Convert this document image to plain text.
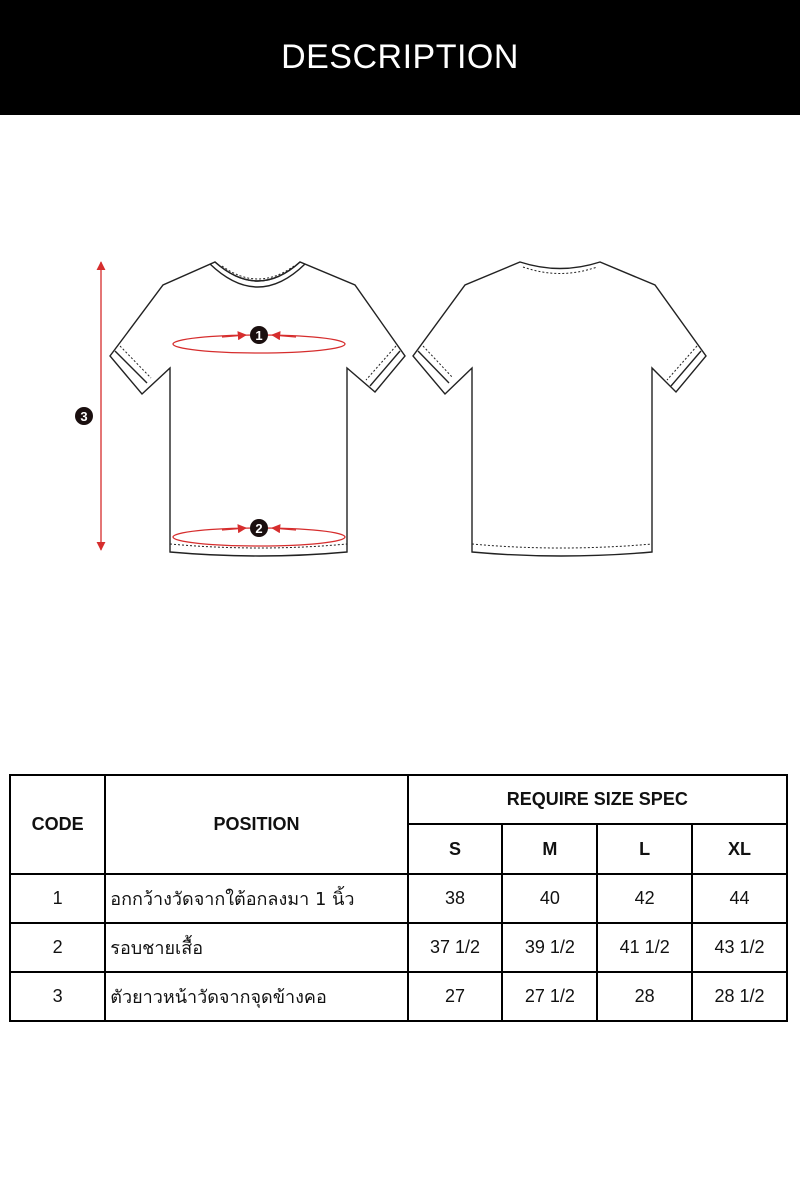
DESCRIPTION
1
2
3
CODE	POSITION	REQUIRE SIZE SPEC			
		S	M	L	XL
1	อกกว้างวัดจากใต้อกลงมา 1 นิ้ว	38	40	42	44
2	รอบชายเสื้อ	37 1/2	39 1/2	41 1/2	43 1/2
3	ตัวยาวหน้าวัดจากจุดข้างคอ	27	27 1/2	28	28 1/2
